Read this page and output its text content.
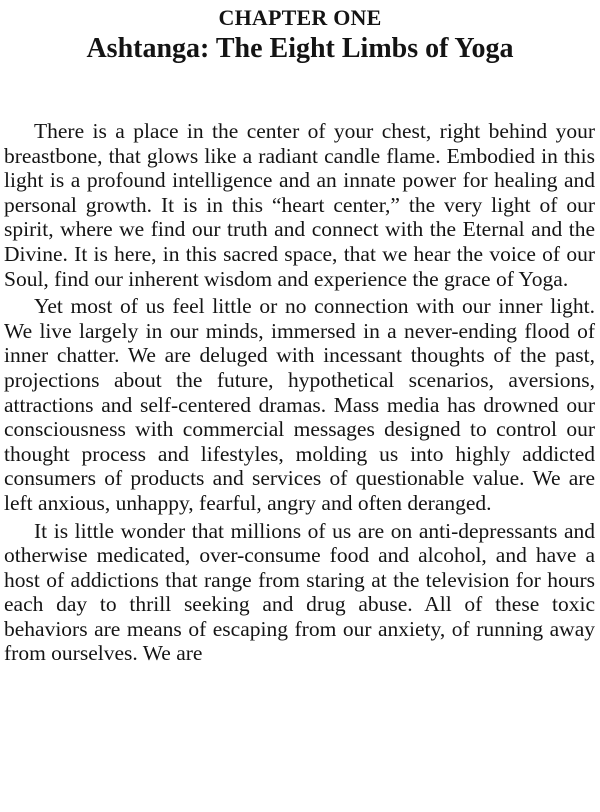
CHAPTER ONE
Ashtanga: The Eight Limbs of Yoga

There is a place in the center of your chest, right behind your breastbone, that glows like a radiant candle flame. Embodied in this light is a profound intelligence and an innate power for healing and personal growth. It is in this “heart center,” the very light of our spirit, where we find our truth and connect with the Eternal and the Divine. It is here, in this sacred space, that we hear the voice of our Soul, find our inherent wisdom and experience the grace of Yoga.

Yet most of us feel little or no connection with our inner light. We live largely in our minds, immersed in a never-ending flood of inner chatter. We are deluged with incessant thoughts of the past, projections about the future, hypothetical scenarios, aversions, attractions and self-centered dramas. Mass media has drowned our consciousness with commercial messages designed to control our thought process and lifestyles, molding us into highly addicted consumers of products and services of questionable value. We are left anxious, unhappy, fearful, angry and often deranged.

It is little wonder that millions of us are on anti-depressants and otherwise medicated, over-consume food and alcohol, and have a host of addictions that range from staring at the television for hours each day to thrill seeking and drug abuse. All of these toxic behaviors are means of escaping from our anxiety, of running away from ourselves. We are
